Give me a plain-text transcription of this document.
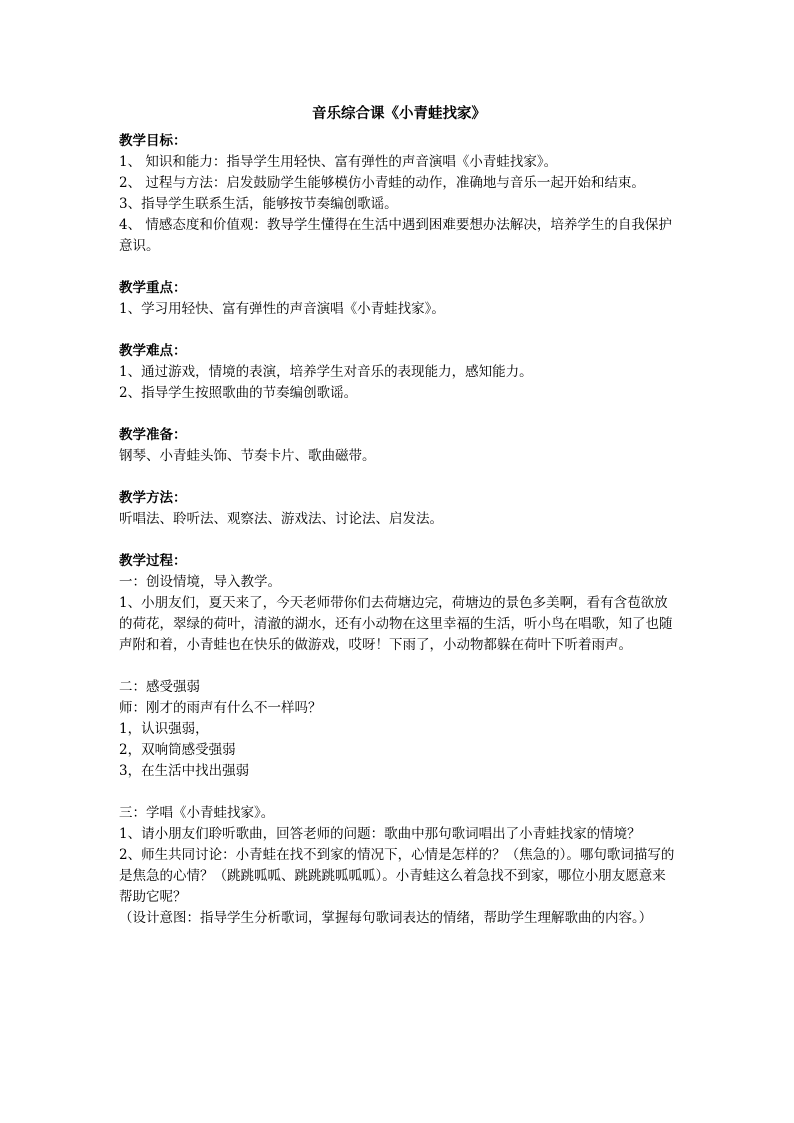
音乐综合课《小青蛙找家》

教学目标：

1、 知识和能力：指导学生用轻快、富有弹性的声音演唱《小青蛙找家》。

2、 过程与方法：启发鼓励学生能够模仿小青蛙的动作，准确地与音乐一起开始和结束。

3、指导学生联系生活，能够按节奏编创歌谣。

4、 情感态度和价值观：教导学生懂得在生活中遇到困难要想办法解决，培养学生的自我保护意识。

教学重点：

1、学习用轻快、富有弹性的声音演唱《小青蛙找家》。

教学难点：

1、通过游戏，情境的表演，培养学生对音乐的表现能力，感知能力。

2、指导学生按照歌曲的节奏编创歌谣。

教学准备：

钢琴、小青蛙头饰、节奏卡片、歌曲磁带。

教学方法：

听唱法、聆听法、观察法、游戏法、讨论法、启发法。

教学过程：

一：创设情境，导入教学。

1、小朋友们，夏天来了，今天老师带你们去荷塘边完，荷塘边的景色多美啊，看有含苞欲放的荷花，翠绿的荷叶，清澈的湖水，还有小动物在这里幸福的生活，听小鸟在唱歌，知了也随声附和着，小青蛙也在快乐的做游戏，哎呀！下雨了，小动物都躲在荷叶下听着雨声。

二：感受强弱

师：刚才的雨声有什么不一样吗？

1，认识强弱，

2，双响筒感受强弱

3，在生活中找出强弱

三：学唱《小青蛙找家》。

1、请小朋友们聆听歌曲，回答老师的问题：歌曲中那句歌词唱出了小青蛙找家的情境？

2、师生共同讨论：小青蛙在找不到家的情况下，心情是怎样的？（焦急的）。哪句歌词描写的是焦急的心情？（跳跳呱呱、跳跳跳呱呱呱）。小青蛙这么着急找不到家，哪位小朋友愿意来帮助它呢？

（设计意图：指导学生分析歌词，掌握每句歌词表达的情绪，帮助学生理解歌曲的内容。）
